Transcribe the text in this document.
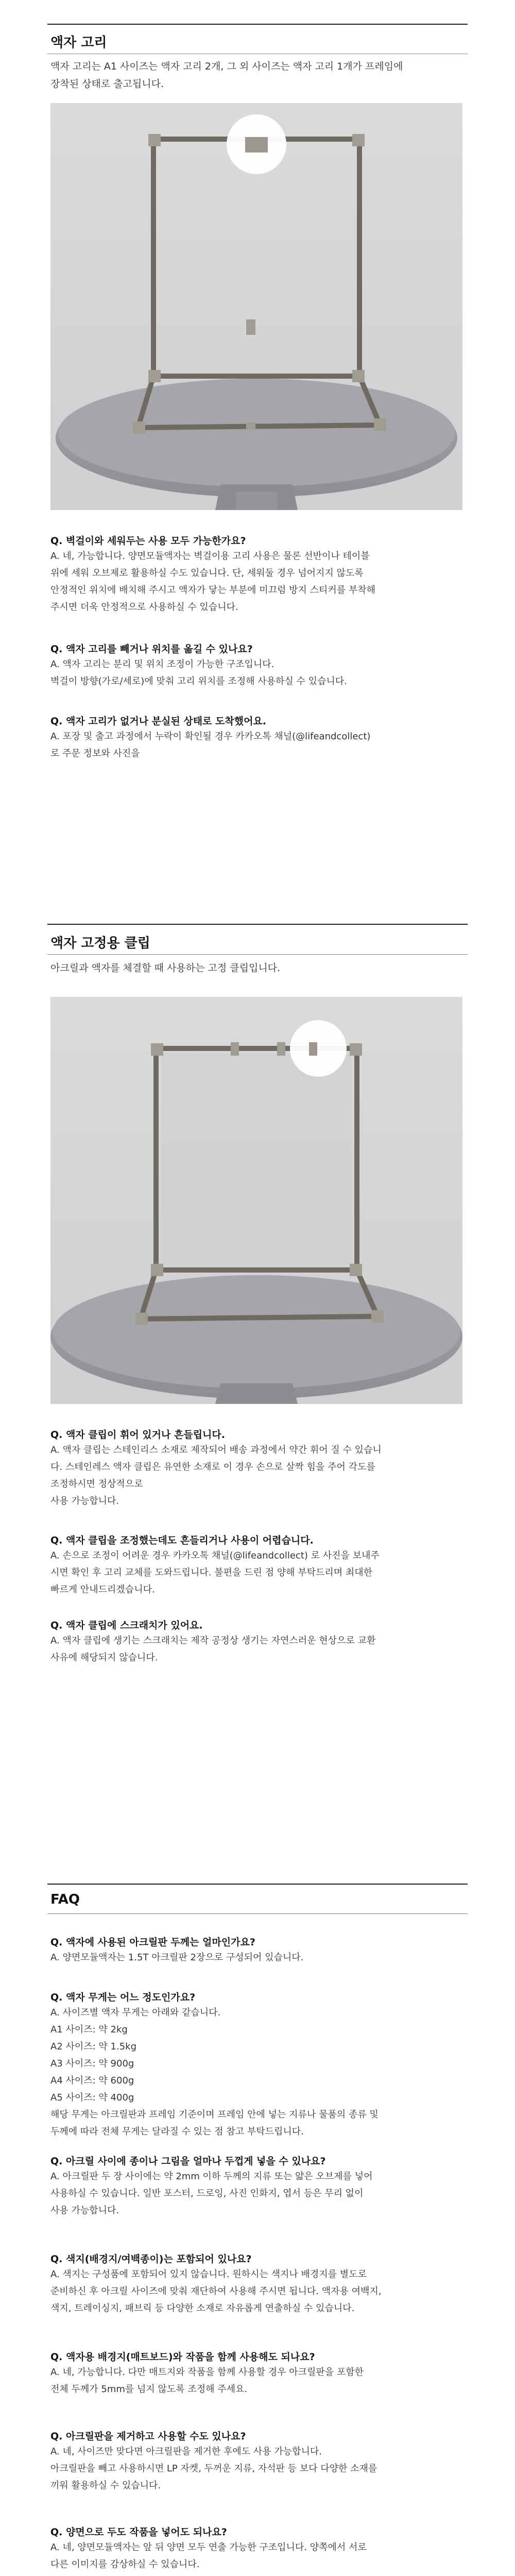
액자 고리
액자 고리는 A1 사이즈는 액자 고리 2개, 그 외 사이즈는 액자 고리 1개가 프레임에
장착된 상태로 출고됩니다.
Q. 벽걸이와 세워두는 사용 모두 가능한가요?
A. 네, 가능합니다. 양면모듈액자는 벽걸이용 고리 사용은 물론 선반이나 테이블
위에 세워 오브제로 활용하실 수도 있습니다. 단, 세워둘 경우 넘어지지 않도록
안정적인 위치에 배치해 주시고 액자가 닿는 부분에 미끄럼 방지 스티커를 부착해
주시면 더욱 안정적으로 사용하실 수 있습니다.
Q. 액자 고리를 빼거나 위치를 옮길 수 있나요?
A. 액자 고리는 분리 및 위치 조정이 가능한 구조입니다.
벽걸이 방향(가로/세로)에 맞춰 고리 위치를 조정해 사용하실 수 있습니다.
Q. 액자 고리가 없거나 분실된 상태로 도착했어요.
A. 포장 및 출고 과정에서 누락이 확인될 경우 카카오톡 채널(@lifeandcollect)
로 주문 정보와 사진을
액자 고정용 클립
아크릴과 액자를 체결할 때 사용하는 고정 클립입니다.
Q. 액자 클립이 휘어 있거나 흔들립니다.
A. 액자 클립는 스테인리스 소재로 제작되어 배송 과정에서 약간 휘어 질 수 있습니
다. 스테인레스 액자 클립은 유연한 소재로 이 경우 손으로 살짝 힘을 주어 각도를
조정하시면 정상적으로
사용 가능합니다.
Q. 액자 클립을 조정했는데도 흔들리거나 사용이 어렵습니다.
A. 손으로 조정이 어려운 경우 카카오톡 채널(@lifeandcollect) 로 사진을 보내주
시면 확인 후 고리 교체를 도와드립니다. 불편을 드린 점 양해 부탁드리며 최대한
빠르게 안내드리겠습니다.
Q. 액자 클립에 스크래치가 있어요.
A. 액자 클립에 생기는 스크래치는 제작 공정상 생기는 자연스러운 현상으로 교환
사유에 해당되지 않습니다.
FAQ
Q. 액자에 사용된 아크릴판 두께는 얼마인가요?
A. 양면모듈액자는 1.5T 아크릴판 2장으로 구성되어 있습니다.
Q. 액자 무게는 어느 정도인가요?
A. 사이즈별 액자 무게는 아래와 같습니다.
A1 사이즈: 약 2kg
A2 사이즈: 약 1.5kg
A3 사이즈: 약 900g
A4 사이즈: 약 600g
A5 사이즈: 약 400g
해당 무게는 아크릴판과 프레임 기준이며 프레임 안에 넣는 지류나 물품의 종류 및
두께에 따라 전체 무게는 달라질 수 있는 점 참고 부탁드립니다.
Q. 아크릴 사이에 종이나 그림을 얼마나 두껍게 넣을 수 있나요?
A. 아크릴판 두 장 사이에는 약 2mm 이하 두께의 지류 또는 얇은 오브제를 넣어
사용하실 수 있습니다. 일반 포스터, 드로잉, 사진 인화지, 엽서 등은 무리 없이
사용 가능합니다.
Q. 색지(배경지/여백종이)는 포함되어 있나요?
A. 색지는 구성품에 포함되어 있지 않습니다. 원하시는 색지나 배경지를 별도로
준비하신 후 아크릴 사이즈에 맞춰 재단하여 사용해 주시면 됩니다. 액자용 여백지,
색지, 트레이싱지, 패브릭 등 다양한 소재로 자유롭게 연출하실 수 있습니다.
Q. 액자용 배경지(매트보드)와 작품을 함께 사용해도 되나요?
A. 네, 가능합니다. 다만 매트지와 작품을 함께 사용할 경우 아크릴판을 포함한
전체 두께가 5mm를 넘지 않도록 조정해 주세요.
Q. 아크릴판을 제거하고 사용할 수도 있나요?
A. 네, 사이즈만 맞다면 아크릴판을 제거한 후에도 사용 가능합니다.
아크릴판을 빼고 사용하시면 LP 자켓, 두꺼운 지류, 자석판 등 보다 다양한 소재를
끼워 활용하실 수 있습니다.
Q. 양면으로 두도 작품을 넣어도 되나요?
A. 네, 양면모듈액자는 앞 뒤 양면 모두 연출 가능한 구조입니다. 양쪽에서 서로
다른 이미지를 감상하실 수 있습니다.
